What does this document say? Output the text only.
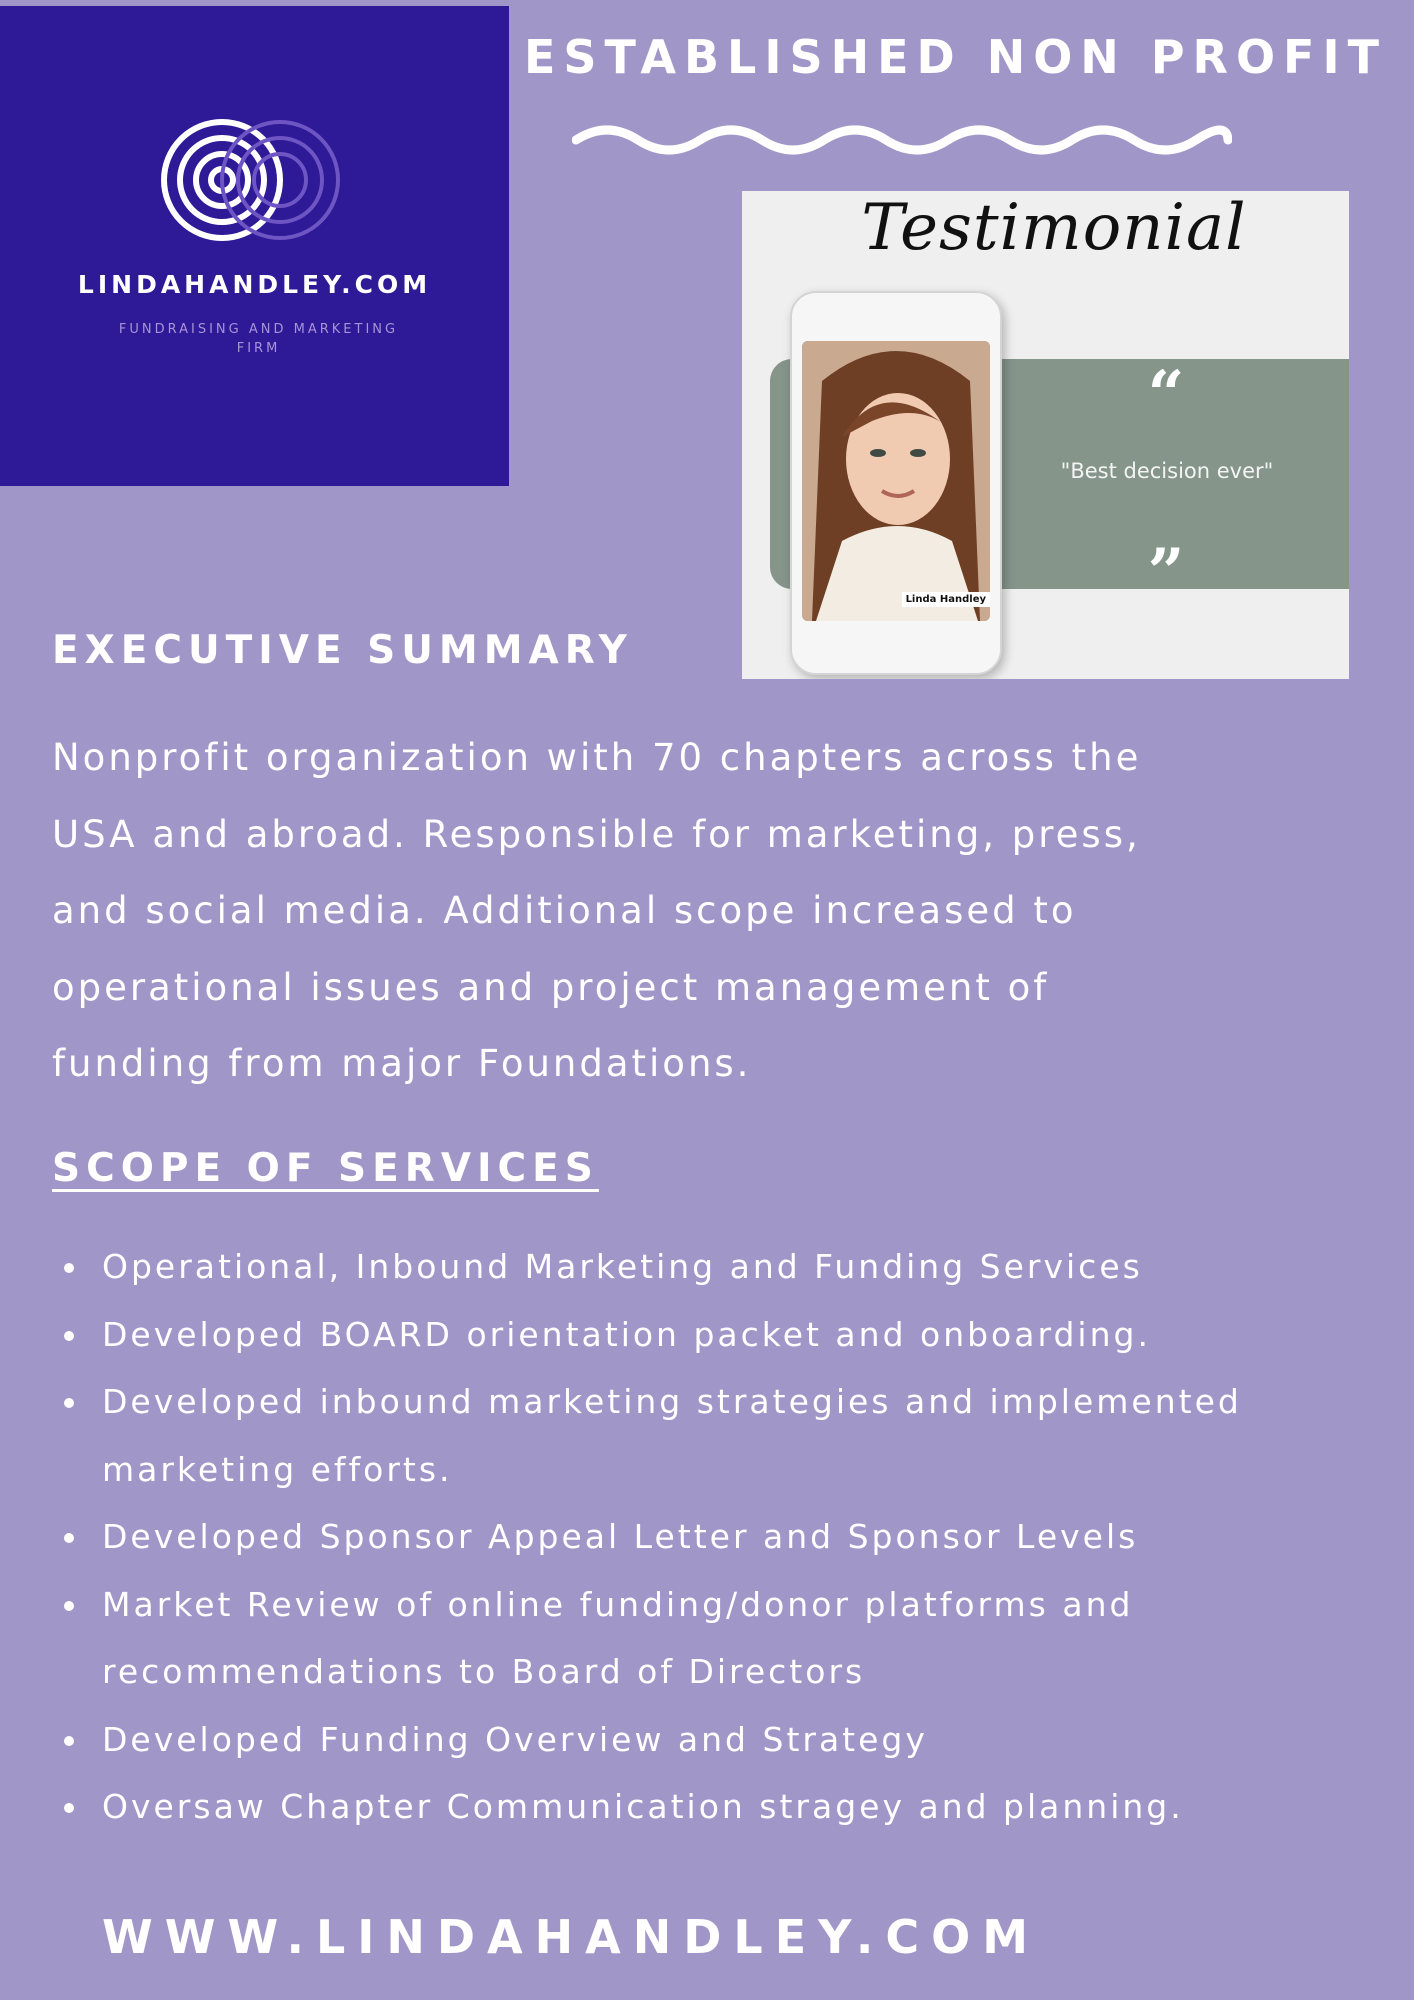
LINDAHANDLEY.COM
FUNDRAISING AND MARKETING FIRM
ESTABLISHED NON PROFIT
Testimonial
“
"Best decision ever"
”
Linda Handley
EXECUTIVE SUMMARY
Nonprofit organization with 70 chapters across the
USA and abroad. Responsible for marketing, press,
and social media. Additional scope increased to
operational issues and project management of
funding from major Foundations.
SCOPE OF SERVICES
Operational, Inbound Marketing and Funding Services
Developed BOARD orientation packet and onboarding.
Developed inbound marketing strategies and implemented marketing efforts.
Developed Sponsor Appeal Letter and Sponsor Levels
Market Review of online funding/donor platforms and recommendations to Board of Directors
Developed Funding Overview and Strategy
Oversaw Chapter Communication stragey and planning.
WWW.LINDAHANDLEY.COM
